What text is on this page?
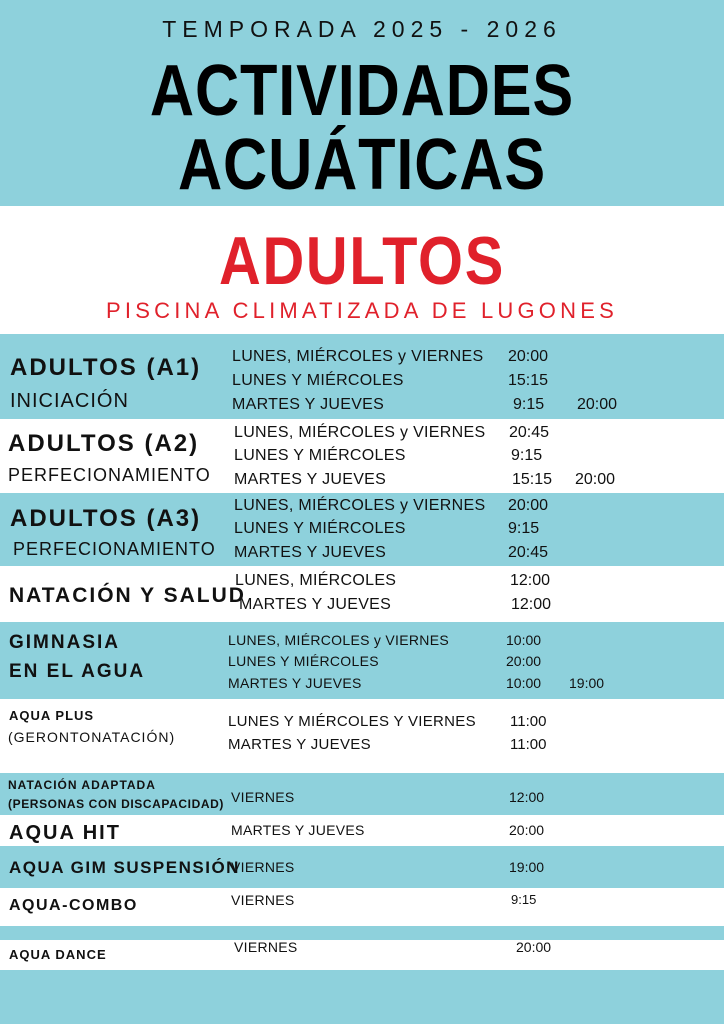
TEMPORADA 2025 - 2026
ACTIVIDADES
ACUÁTICAS
ADULTOS
PISCINA CLIMATIZADA DE LUGONES
ADULTOS (A1)
INICIACIÓN
LUNES, MIÉRCOLES y VIERNES 20:00
LUNES Y MIÉRCOLES	15:15
MARTES Y JUEVES	9:15 20:00
ADULTOS (A2)
PERFECIONAMIENTO
LUNES, MIÉRCOLES y VIERNES 20:45
LUNES Y MIÉRCOLES	9:15
MARTES Y JUEVES	15:15 20:00
ADULTOS (A3)
PERFECIONAMIENTO
LUNES, MIÉRCOLES y VIERNES 20:00
LUNES Y MIÉRCOLES	9:15
MARTES Y JUEVES	20:45
NATACIÓN Y SALUD
LUNES, MIÉRCOLES	12:00
MARTES Y JUEVES	12:00
GIMNASIA
EN EL AGUA
LUNES, MIÉRCOLES y VIERNES	10:00
LUNES Y MIÉRCOLES	20:00
MARTES Y JUEVES	10:00 19:00
AQUA PLUS
(GERONTONATACIÓN)
LUNES Y MIÉRCOLES Y VIERNES 11:00
MARTES Y JUEVES	11:00
NATACIÓN ADAPTADA
(PERSONAS CON DISCAPACIDAD) VIERNES	12:00
AQUA HIT	MARTES Y JUEVES	20:00
AQUA GIM SUSPENSIÓN
VIERNES	19:00
AQUA-COMBO	VIERNES	9:15
AQUA DANCE	VIERNES	20:00
